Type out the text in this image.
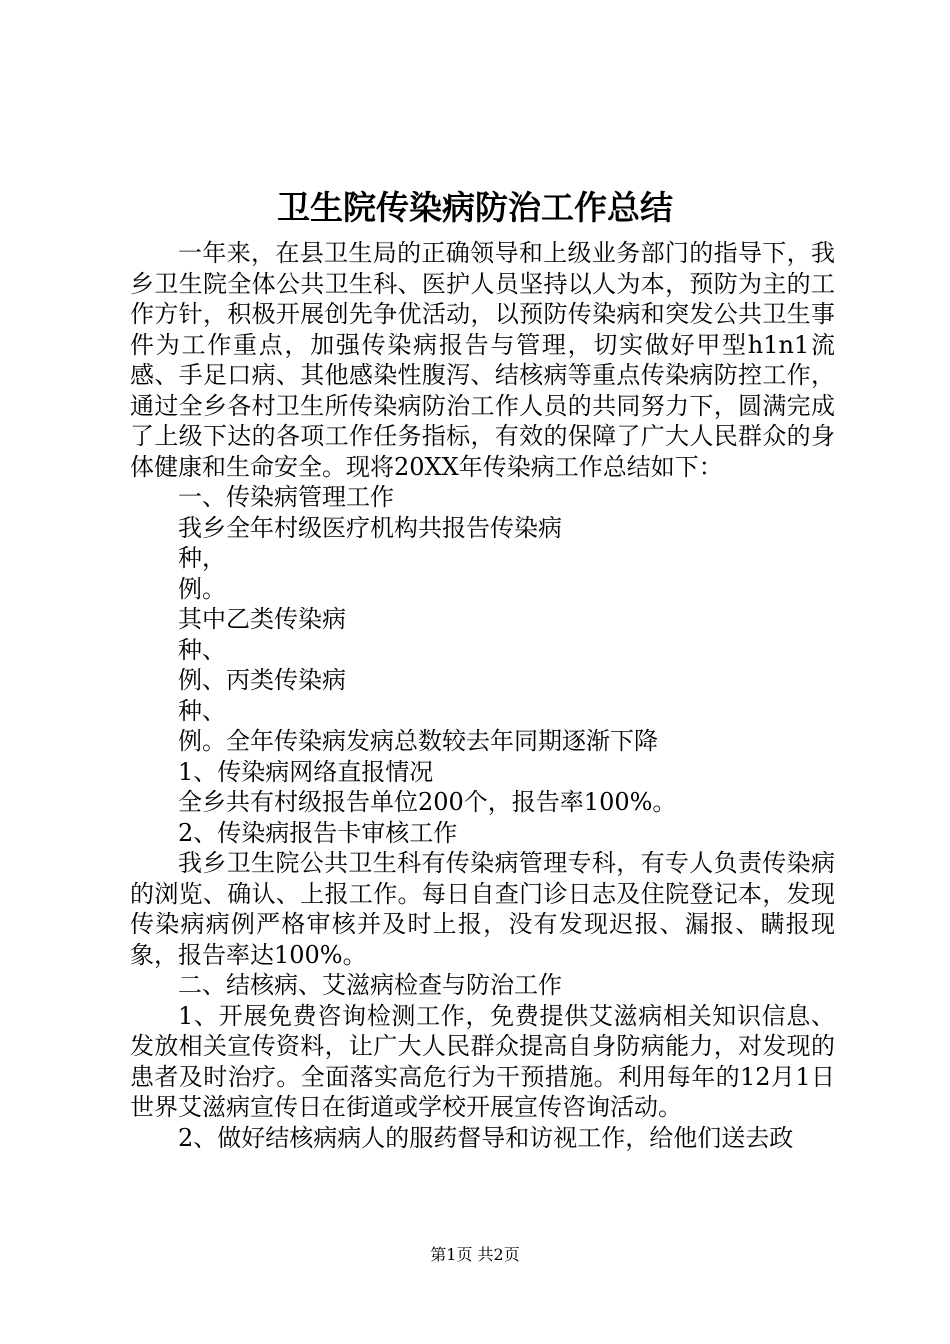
卫生院传染病防治工作总结

一年来，在县卫生局的正确领导和上级业务部门的指导下，我乡卫生院全体公共卫生科、医护人员坚持以人为本，预防为主的工作方针，积极开展创先争优活动，以预防传染病和突发公共卫生事件为工作重点，加强传染病报告与管理，切实做好甲型h1n1流感、手足口病、其他感染性腹泻、结核病等重点传染病防控工作，通过全乡各村卫生所传染病防治工作人员的共同努力下，圆满完成了上级下达的各项工作任务指标，有效的保障了广大人民群众的身体健康和生命安全。现将20XX年传染病工作总结如下：

一、传染病管理工作

我乡全年村级医疗机构共报告传染病

种，

例。

其中乙类传染病

种、

例、丙类传染病

种、

例。全年传染病发病总数较去年同期逐渐下降

1、传染病网络直报情况

全乡共有村级报告单位200个，报告率100%。

2、传染病报告卡审核工作

我乡卫生院公共卫生科有传染病管理专科，有专人负责传染病的浏览、确认、上报工作。每日自查门诊日志及住院登记本，发现传染病病例严格审核并及时上报，没有发现迟报、漏报、瞒报现象，报告率达100%。

二、结核病、艾滋病检查与防治工作

1、开展免费咨询检测工作，免费提供艾滋病相关知识信息、发放相关宣传资料，让广大人民群众提高自身防病能力，对发现的患者及时治疗。全面落实高危行为干预措施。利用每年的12月1日世界艾滋病宣传日在街道或学校开展宣传咨询活动。

2、做好结核病病人的服药督导和访视工作，给他们送去政

第1页 共2页
